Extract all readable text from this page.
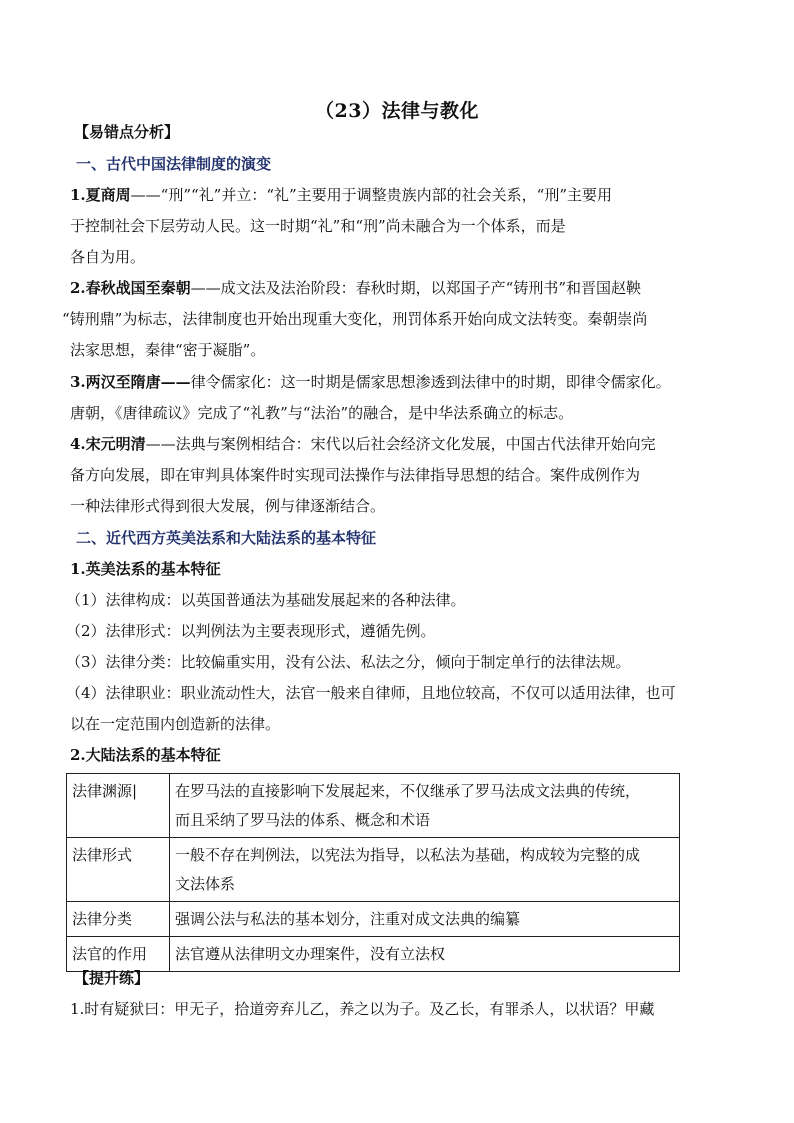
（23）法律与教化
【易错点分析】
一、古代中国法律制度的演变
1.夏商周——“刑”“礼”并立：“礼”主要用于调整贵族内部的社会关系，“刑”主要用
于控制社会下层劳动人民。这一时期“礼”和“刑”尚未融合为一个体系，而是
各自为用。
2.春秋战国至秦朝——成文法及法治阶段：春秋时期，以郑国子产“铸刑书”和晋国赵鞅
“铸刑鼎”为标志，法律制度也开始出现重大变化，刑罚体系开始向成文法转变。秦朝崇尚
法家思想，秦律“密于凝脂”。
3.两汉至隋唐——律令儒家化：这一时期是儒家思想渗透到法律中的时期，即律令儒家化。
唐朝，《唐律疏议》完成了“礼教”与“法治”的融合，是中华法系确立的标志。
4.宋元明清——法典与案例相结合：宋代以后社会经济文化发展，中国古代法律开始向完
备方向发展，即在审判具体案件时实现司法操作与法律指导思想的结合。案件成例作为
一种法律形式得到很大发展，例与律逐渐结合。
二、近代西方英美法系和大陆法系的基本特征
1.英美法系的基本特征
（1）法律构成：以英国普通法为基础发展起来的各种法律。
（2）法律形式：以判例法为主要表现形式，遵循先例。
（3）法律分类：比较偏重实用，没有公法、私法之分，倾向于制定单行的法律法规。
（4）法律职业：职业流动性大，法官一般来自律师，且地位较高，不仅可以适用法律，也可
以在一定范围内创造新的法律。
2.大陆法系的基本特征
法律渊源|	在罗马法的直接影响下发展起来，不仅继承了罗马法成文法典的传统，
而且采纳了罗马法的体系、概念和术语

法律形式	一般不存在判例法，以宪法为指导，以私法为基础，构成较为完整的成
文法体系

法律分类	强调公法与私法的基本划分，注重对成文法典的编纂

法官的作用	法官遵从法律明文办理案件，没有立法权
【提升练】
1.时有疑狱曰：甲无子，拾道旁弃儿乙，养之以为子。及乙长，有罪杀人，以状语？甲藏
